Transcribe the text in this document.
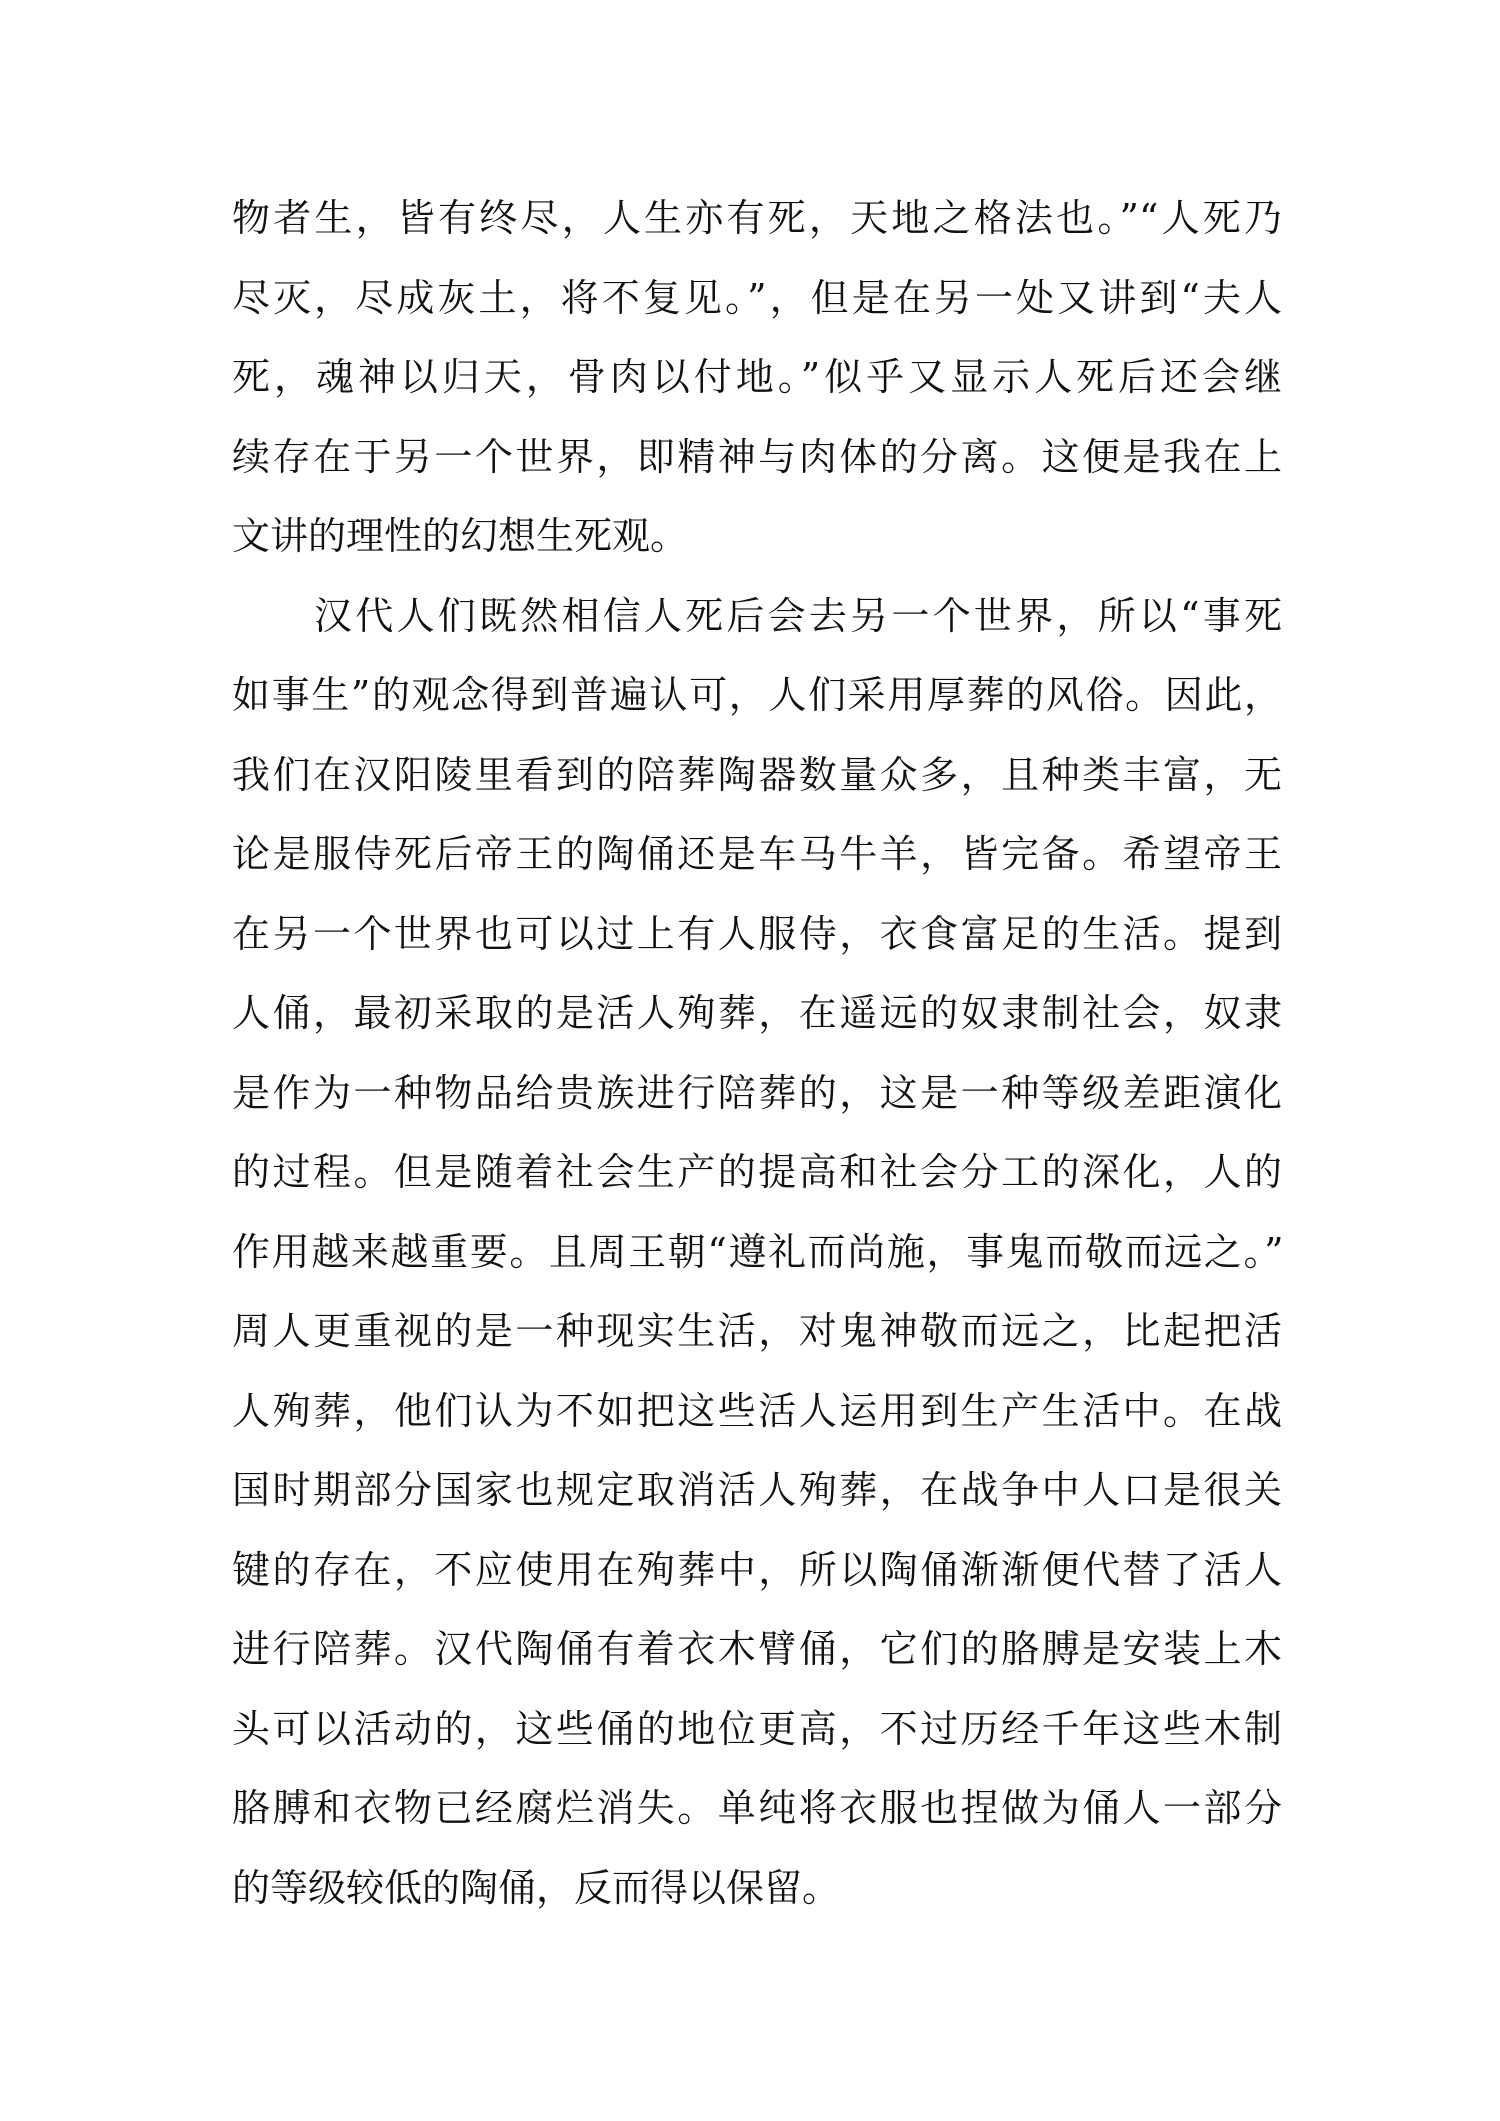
物者生，皆有终尽，人生亦有死，天地之格法也。”“人死乃
尽灭，尽成灰土，将不复见。”，但是在另一处又讲到“夫人
死，魂神以归天，骨肉以付地。”似乎又显示人死后还会继
续存在于另一个世界，即精神与肉体的分离。这便是我在上
文讲的理性的幻想生死观。
汉代人们既然相信人死后会去另一个世界，所以“事死
如事生”的观念得到普遍认可，人们采用厚葬的风俗。因此，
我们在汉阳陵里看到的陪葬陶器数量众多，且种类丰富，无
论是服侍死后帝王的陶俑还是车马牛羊，皆完备。希望帝王
在另一个世界也可以过上有人服侍，衣食富足的生活。提到
人俑，最初采取的是活人殉葬，在遥远的奴隶制社会，奴隶
是作为一种物品给贵族进行陪葬的，这是一种等级差距演化
的过程。但是随着社会生产的提高和社会分工的深化，人的
作用越来越重要。且周王朝“遵礼而尚施，事鬼而敬而远之。”
周人更重视的是一种现实生活，对鬼神敬而远之，比起把活
人殉葬，他们认为不如把这些活人运用到生产生活中。在战
国时期部分国家也规定取消活人殉葬，在战争中人口是很关
键的存在，不应使用在殉葬中，所以陶俑渐渐便代替了活人
进行陪葬。汉代陶俑有着衣木臂俑，它们的胳膊是安装上木
头可以活动的，这些俑的地位更高，不过历经千年这些木制
胳膊和衣物已经腐烂消失。单纯将衣服也捏做为俑人一部分
的等级较低的陶俑，反而得以保留。
